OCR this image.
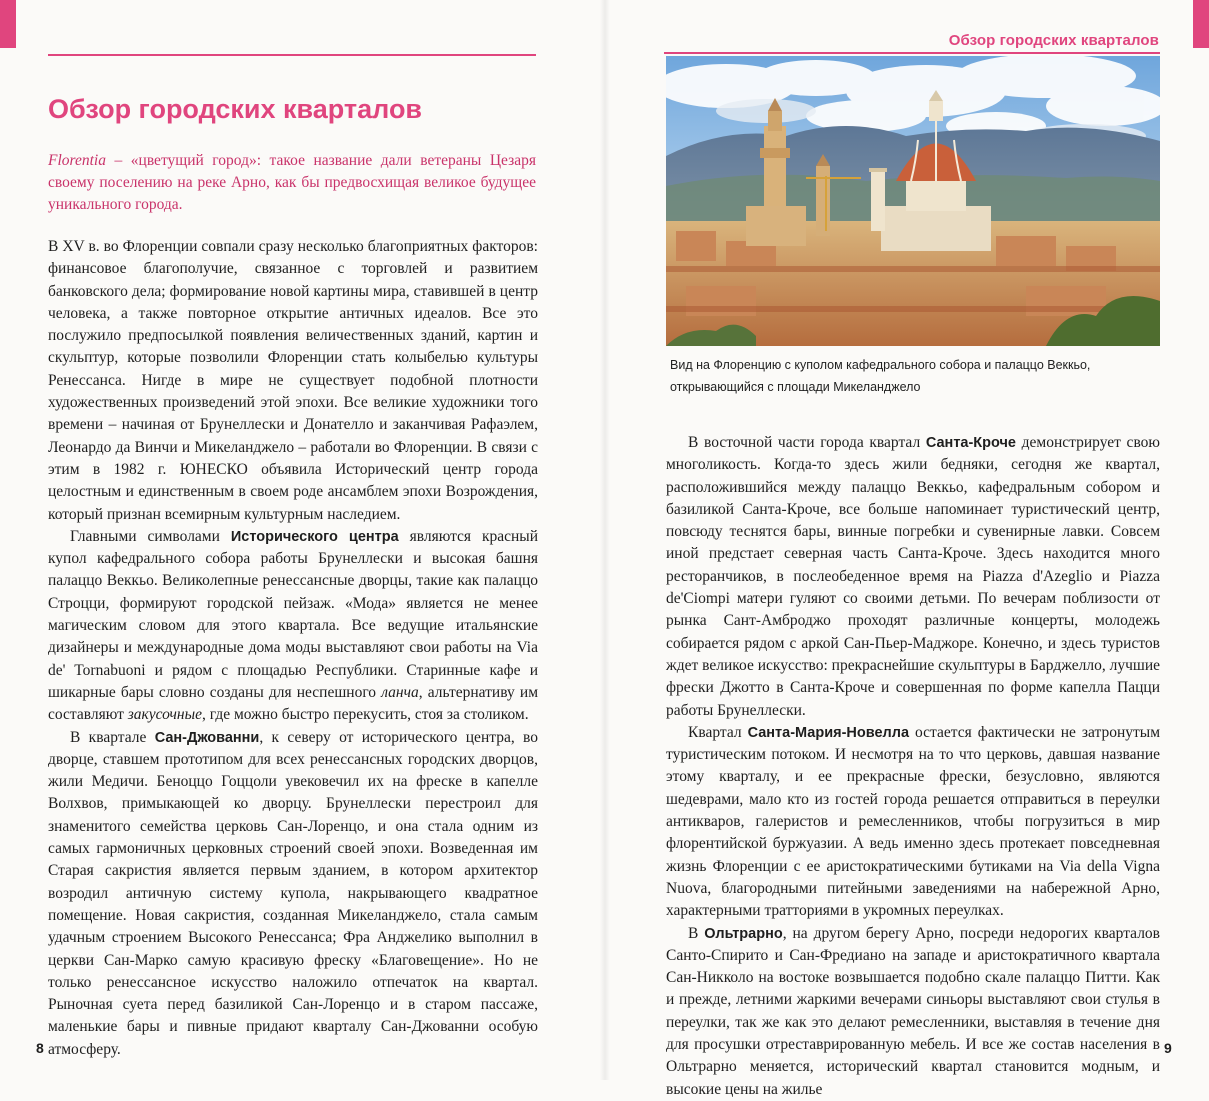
Обзор городских кварталов

Florentia – «цветущий город»: такое название дали ветераны Цезаря своему поселению на реке Арно, как бы предвосхищая великое будущее уникального города.

В XV в. во Флоренции совпали сразу несколько благоприятных факторов: финансовое благополучие, связанное с торговлей и развитием банковского дела; формирование новой картины мира, ставившей в центр человека, а также повторное открытие античных идеалов. Все это послужило предпосылкой появления величественных зданий, картин и скульптур, которые позволили Флоренции стать колыбелью культуры Ренессанса. Нигде в мире не существует подобной плотности художественных произведений этой эпохи. Все великие художники того времени – начиная от Брунеллески и Донателло и заканчивая Рафаэлем, Леонардо да Винчи и Микеланджело – работали во Флоренции. В связи с этим в 1982 г. ЮНЕСКО объявила Исторический центр города целостным и единственным в своем роде ансамблем эпохи Возрождения, который признан всемирным культурным наследием.

Главными символами Исторического центра являются красный купол кафедрального собора работы Брунеллески и высокая башня палаццо Веккьо. Великолепные ренессансные дворцы, такие как палаццо Строцци, формируют городской пейзаж. «Мода» является не менее магическим словом для этого квартала. Все ведущие итальянские дизайнеры и международные дома моды выставляют свои работы на Via de' Tornabuoni и рядом с площадью Республики. Старинные кафе и шикарные бары словно созданы для неспешного ланча, альтернативу им составляют закусочные, где можно быстро перекусить, стоя за столиком.

В квартале Сан-Джованни, к северу от исторического центра, во дворце, ставшем прототипом для всех ренессансных городских дворцов, жили Медичи. Беноццо Гоццоли увековечил их на фреске в капелле Волхвов, примыкающей ко дворцу. Брунеллески перестроил для знаменитого семейства церковь Сан-Лоренцо, и она стала одним из самых гармоничных церковных строений своей эпохи. Возведенная им Старая сакристия является первым зданием, в котором архитектор возродил античную систему купола, накрывающего квадратное помещение. Новая сакристия, созданная Микеланджело, стала самым удачным строением Высокого Ренессанса; Фра Анджелико выполнил в церкви Сан-Марко самую красивую фреску «Благовещение». Но не только ренессансное искусство наложило отпечаток на квартал. Рыночная суета перед базиликой Сан-Лоренцо и в старом пассаже, маленькие бары и пивные придают кварталу Сан-Джованни особую атмосферу.

8
Обзор городских кварталов

Вид на Флоренцию с куполом кафедрального собора и палаццо Веккьо, открывающийся с площади Микеланджело

В восточной части города квартал Санта-Кроче демонстрирует свою многоликость. Когда-то здесь жили бедняки, сегодня же квартал, расположившийся между палаццо Веккьо, кафедральным собором и базиликой Санта-Кроче, все больше напоминает туристический центр, повсюду теснятся бары, винные погребки и сувенирные лавки. Совсем иной предстает северная часть Санта-Кроче. Здесь находится много ресторанчиков, в послеобеденное время на Piazza d'Azeglio и Piazza de'Ciompi матери гуляют со своими детьми. По вечерам поблизости от рынка Сант-Амброджо проходят различные концерты, молодежь собирается рядом с аркой Сан-Пьер-Маджоре. Конечно, и здесь туристов ждет великое искусство: прекраснейшие скульптуры в Барджелло, лучшие фрески Джотто в Санта-Кроче и совершенная по форме капелла Пацци работы Брунеллески.

Квартал Санта-Мария-Новелла остается фактически не затронутым туристическим потоком. И несмотря на то что церковь, давшая название этому кварталу, и ее прекрасные фрески, безусловно, являются шедеврами, мало кто из гостей города решается отправиться в переулки антикваров, галеристов и ремесленников, чтобы погрузиться в мир флорентийской буржуазии. А ведь именно здесь протекает повседневная жизнь Флоренции с ее аристократическими бутиками на Via della Vigna Nuova, благородными питейными заведениями на набережной Арно, характерными тратториями в укромных переулках.

В Ольтрарно, на другом берегу Арно, посреди недорогих кварталов Санто-Спирито и Сан-Фредиано на западе и аристократичного квартала Сан-Никколо на востоке возвышается подобно скале палаццо Питти. Как и прежде, летними жаркими вечерами синьоры выставляют свои стулья в переулки, так же как это делают ремесленники, выставляя в течение дня для просушки отреставрированную мебель. И все же состав населения в Ольтрарно меняется, исторический квартал становится модным, и высокие цены на жилье

9
